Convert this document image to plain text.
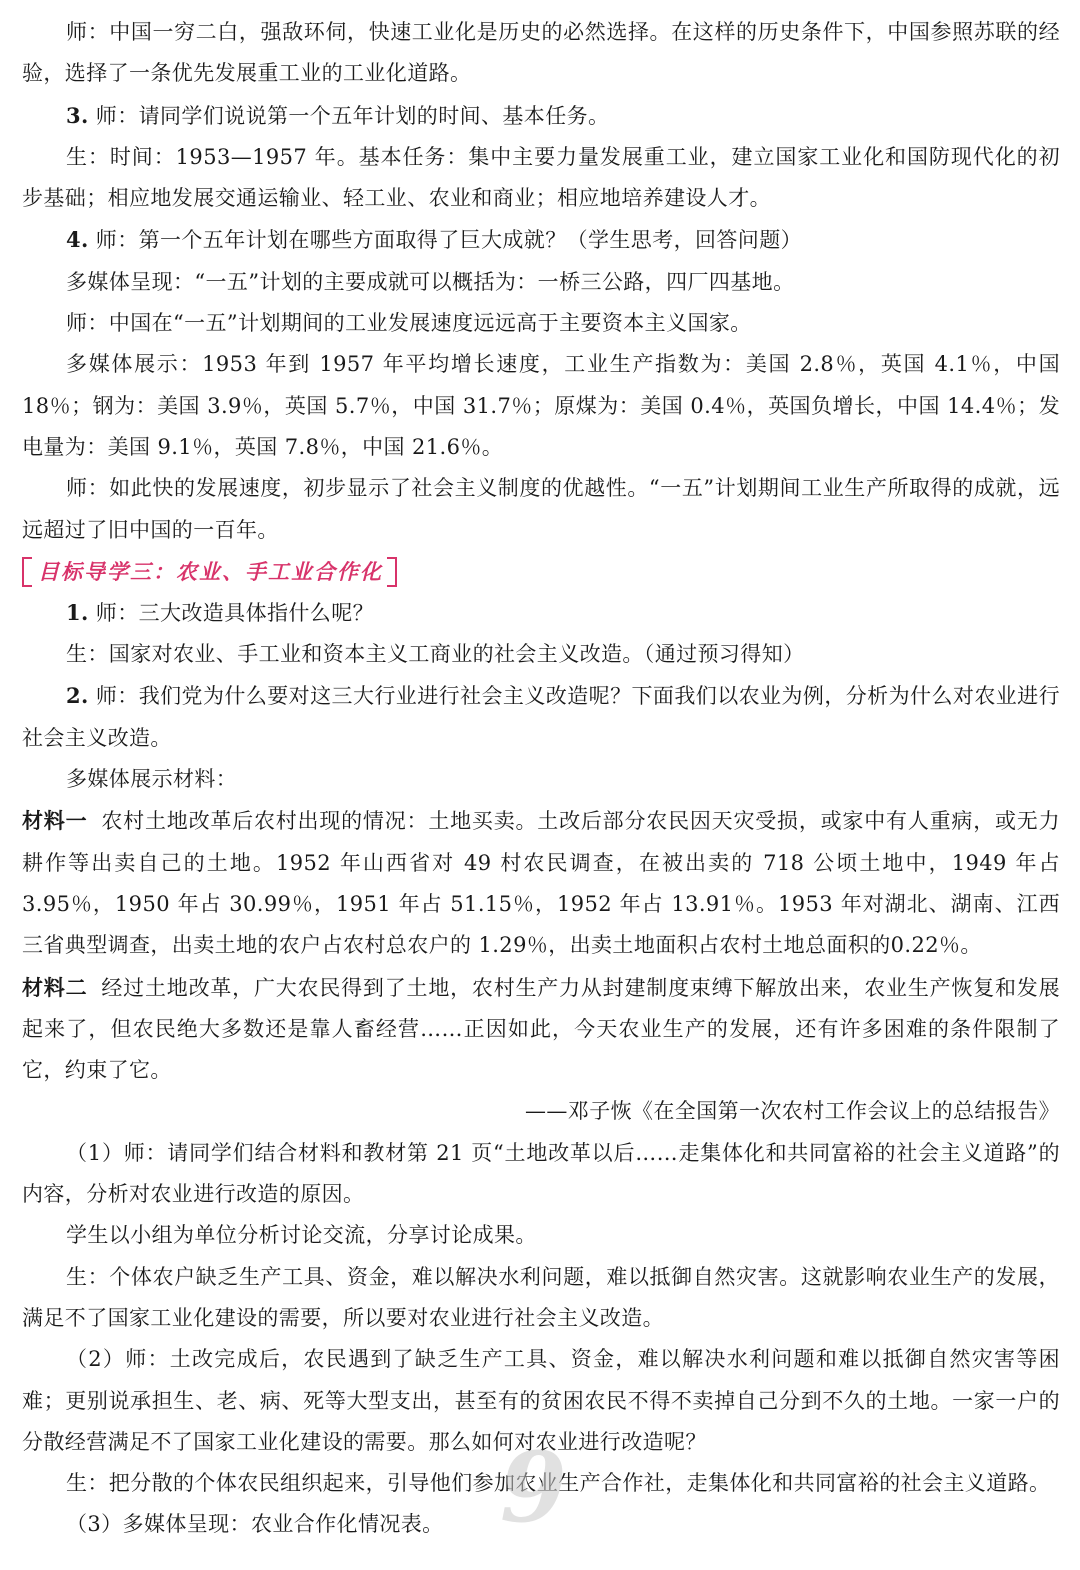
师：中国一穷二白，强敌环伺，快速工业化是历史的必然选择。在这样的历史条件下，中国参照苏联的经验，选择了一条优先发展重工业的工业化道路。

3. 师：请同学们说说第一个五年计划的时间、基本任务。

生：时间：1953—1957 年。基本任务：集中主要力量发展重工业，建立国家工业化和国防现代化的初步基础；相应地发展交通运输业、轻工业、农业和商业；相应地培养建设人才。

4. 师：第一个五年计划在哪些方面取得了巨大成就？（学生思考，回答问题）

多媒体呈现：“一五”计划的主要成就可以概括为：一桥三公路，四厂四基地。

师：中国在“一五”计划期间的工业发展速度远远高于主要资本主义国家。

多媒体展示：1953 年到 1957 年平均增长速度，工业生产指数为：美国 2.8％，英国 4.1％，中国 18％；钢为：美国 3.9％，英国 5.7％，中国 31.7％；原煤为：美国 0.4％，英国负增长，中国 14.4％；发电量为：美国 9.1％，英国 7.8％，中国 21.6％。

师：如此快的发展速度，初步显示了社会主义制度的优越性。“一五”计划期间工业生产所取得的成就，远远超过了旧中国的一百年。

目标导学三：农业、手工业合作化

1. 师：三大改造具体指什么呢？

生：国家对农业、手工业和资本主义工商业的社会主义改造。（通过预习得知）

2. 师：我们党为什么要对这三大行业进行社会主义改造呢？下面我们以农业为例，分析为什么对农业进行社会主义改造。

多媒体展示材料：

材料一 农村土地改革后农村出现的情况：土地买卖。土改后部分农民因天灾受损，或家中有人重病，或无力耕作等出卖自己的土地。1952 年山西省对 49 村农民调查，在被出卖的 718 公顷土地中，1949 年占 3.95％，1950 年占 30.99％，1951 年占 51.15％，1952 年占 13.91％。1953 年对湖北、湖南、江西三省典型调查，出卖土地的农户占农村总农户的 1.29％，出卖土地面积占农村土地总面积的0.22％。

材料二 经过土地改革，广大农民得到了土地，农村生产力从封建制度束缚下解放出来，农业生产恢复和发展起来了，但农民绝大多数还是靠人畜经营……正因如此，今天农业生产的发展，还有许多困难的条件限制了它，约束了它。

——邓子恢《在全国第一次农村工作会议上的总结报告》

（1）师：请同学们结合材料和教材第 21 页“土地改革以后……走集体化和共同富裕的社会主义道路”的内容，分析对农业进行改造的原因。

学生以小组为单位分析讨论交流，分享讨论成果。

生：个体农户缺乏生产工具、资金，难以解决水利问题，难以抵御自然灾害。这就影响农业生产的发展，满足不了国家工业化建设的需要，所以要对农业进行社会主义改造。

（2）师：土改完成后，农民遇到了缺乏生产工具、资金，难以解决水利问题和难以抵御自然灾害等困难；更别说承担生、老、病、死等大型支出，甚至有的贫困农民不得不卖掉自己分到不久的土地。一家一户的分散经营满足不了国家工业化建设的需要。那么如何对农业进行改造呢？

生：把分散的个体农民组织起来，引导他们参加农业生产合作社，走集体化和共同富裕的社会主义道路。

（3）多媒体呈现：农业合作化情况表。 9
